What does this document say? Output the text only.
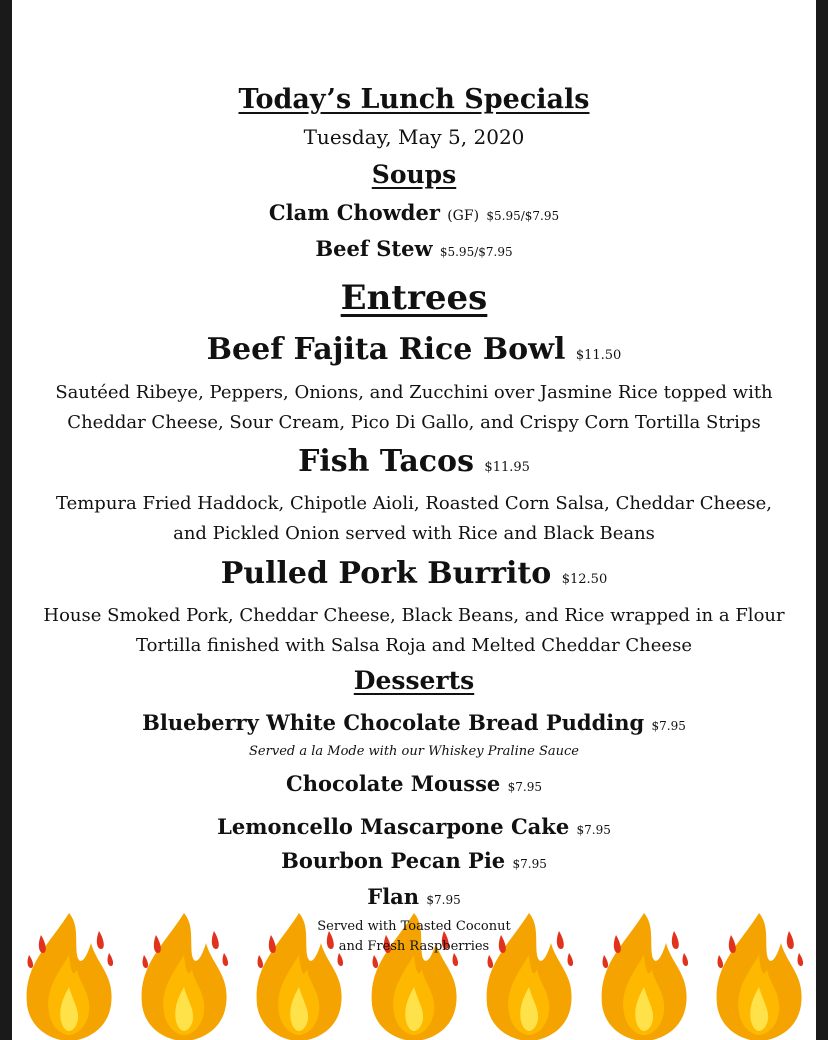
Today’s Lunch Specials
Tuesday, May 5, 2020
Soups
Clam Chowder (GF) $5.95/$7.95
Beef Stew $5.95/$7.95
Entrees
Beef Fajita Rice Bowl $11.50
Sautéed Ribeye, Peppers, Onions, and Zucchini over Jasmine Rice topped with
Cheddar Cheese, Sour Cream, Pico Di Gallo, and Crispy Corn Tortilla Strips
Fish Tacos $11.95
Tempura Fried Haddock, Chipotle Aioli, Roasted Corn Salsa, Cheddar Cheese,
and Pickled Onion served with Rice and Black Beans
Pulled Pork Burrito $12.50
House Smoked Pork, Cheddar Cheese, Black Beans, and Rice wrapped in a Flour
Tortilla finished with Salsa Roja and Melted Cheddar Cheese
Desserts
Blueberry White Chocolate Bread Pudding $7.95
Served a la Mode with our Whiskey Praline Sauce
Chocolate Mousse $7.95
Lemoncello Mascarpone Cake $7.95
Bourbon Pecan Pie $7.95
Flan $7.95
Served with Toasted Coconut
and Fresh Raspberries
